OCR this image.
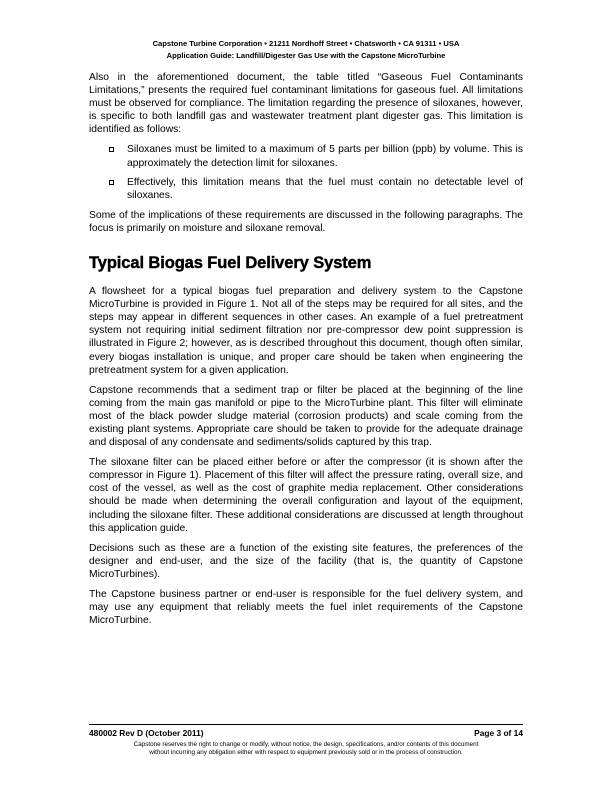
Capstone Turbine Corporation • 21211 Nordhoff Street • Chatsworth • CA 91311 • USA
Application Guide: Landfill/Digester Gas Use with the Capstone MicroTurbine

Also in the aforementioned document, the table titled “Gaseous Fuel Contaminants Limitations,” presents the required fuel contaminant limitations for gaseous fuel. All limitations must be observed for compliance. The limitation regarding the presence of siloxanes, however, is specific to both landfill gas and wastewater treatment plant digester gas. This limitation is identified as follows:

Siloxanes must be limited to a maximum of 5 parts per billion (ppb) by volume. This is approximately the detection limit for siloxanes.
Effectively, this limitation means that the fuel must contain no detectable level of siloxanes.

Some of the implications of these requirements are discussed in the following paragraphs. The focus is primarily on moisture and siloxane removal.

Typical Biogas Fuel Delivery System

A flowsheet for a typical biogas fuel preparation and delivery system to the Capstone MicroTurbine is provided in Figure 1. Not all of the steps may be required for all sites, and the steps may appear in different sequences in other cases. An example of a fuel pretreatment system not requiring initial sediment filtration nor pre-compressor dew point suppression is illustrated in Figure 2; however, as is described throughout this document, though often similar, every biogas installation is unique, and proper care should be taken when engineering the pretreatment system for a given application.

Capstone recommends that a sediment trap or filter be placed at the beginning of the line coming from the main gas manifold or pipe to the MicroTurbine plant. This filter will eliminate most of the black powder sludge material (corrosion products) and scale coming from the existing plant systems. Appropriate care should be taken to provide for the adequate drainage and disposal of any condensate and sediments/solids captured by this trap.

The siloxane filter can be placed either before or after the compressor (it is shown after the compressor in Figure 1). Placement of this filter will affect the pressure rating, overall size, and cost of the vessel, as well as the cost of graphite media replacement. Other considerations should be made when determining the overall configuration and layout of the equipment, including the siloxane filter. These additional considerations are discussed at length throughout this application guide.

Decisions such as these are a function of the existing site features, the preferences of the designer and end-user, and the size of the facility (that is, the quantity of Capstone MicroTurbines).

The Capstone business partner or end-user is responsible for the fuel delivery system, and may use any equipment that reliably meets the fuel inlet requirements of the Capstone MicroTurbine.

480002 Rev D (October 2011)	Page 3 of 14
Capstone reserves the right to change or modify, without notice, the design, specifications, and/or contents of this document
without incurring any obligation either with respect to equipment previously sold or in the process of construction.
